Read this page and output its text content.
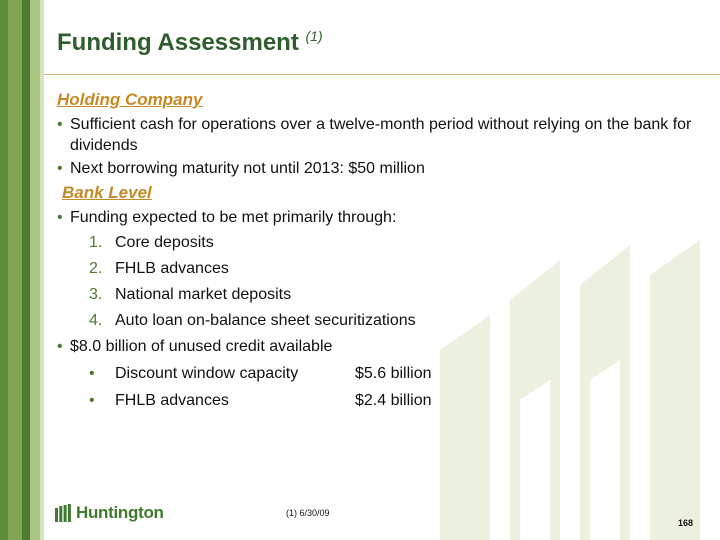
Funding Assessment $^{(1)}$

Holding Company

• Sufficient cash for operations over a twelve-month period without relying on the bank for dividends
• Next borrowing maturity not until 2013: $50 million

Bank Level

• Funding expected to be met primarily through:
1. Core deposits
2. FHLB advances
3. National market deposits
4. Auto loan on-balance sheet securitizations
• $8.0 billion of unused credit available
• Discount window capacity	$5.6 billion
• FHLB advances	$2.4 billion
Huntington	(1) 6/30/09
168
